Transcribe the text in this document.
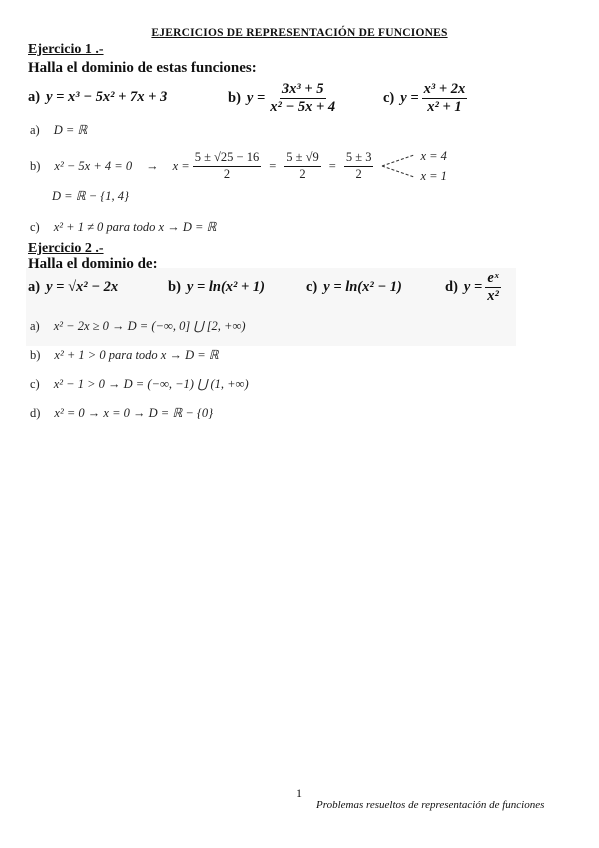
EJERCICIOS DE REPRESENTACIÓN DE FUNCIONES
Ejercicio 1 .-
Halla el dominio de estas funciones:
a) y =
x³ − 5x² + 7x + 3	b) $y = \frac{\text{3x³ + 5}}{\text{x² − 5x + 4}}$	c) $y = \frac{\text{x³ + 2x}}{\text{x² + 1}}$
a) D = ℝ
b) $x^2 - 5x + 4 = 0 \to x = \frac{5 \pm √25 - 16}{2} = \frac{5 \pm √9}{2} = \frac{5 \pm 3}{2}$	x = 4
x = 1
D = ℝ − {1, 4}
c) x² + 1 ≠ 0 para todo x → D = ℝ
Ejercicio 2 .-
Halla el dominio de:
a) y = √x² − 2x	b) y = ln(x² + 1)	c) y = ln(x² − 1)	d) $y = \frac{\text{eˣ}}{\text{x²}}$
a) x² − 2x ≥ 0 → D = (−∞, 0] ⋃ [2, +∞)
b) x² + 1 > 0 para todo x → D = ℝ
c) x² − 1 > 0 → D = (−∞, −1) ⋃ (1, +∞)
d) x² = 0 → x = 0 → D = ℝ − {0}
1
Problemas resueltos de representación de funciones
